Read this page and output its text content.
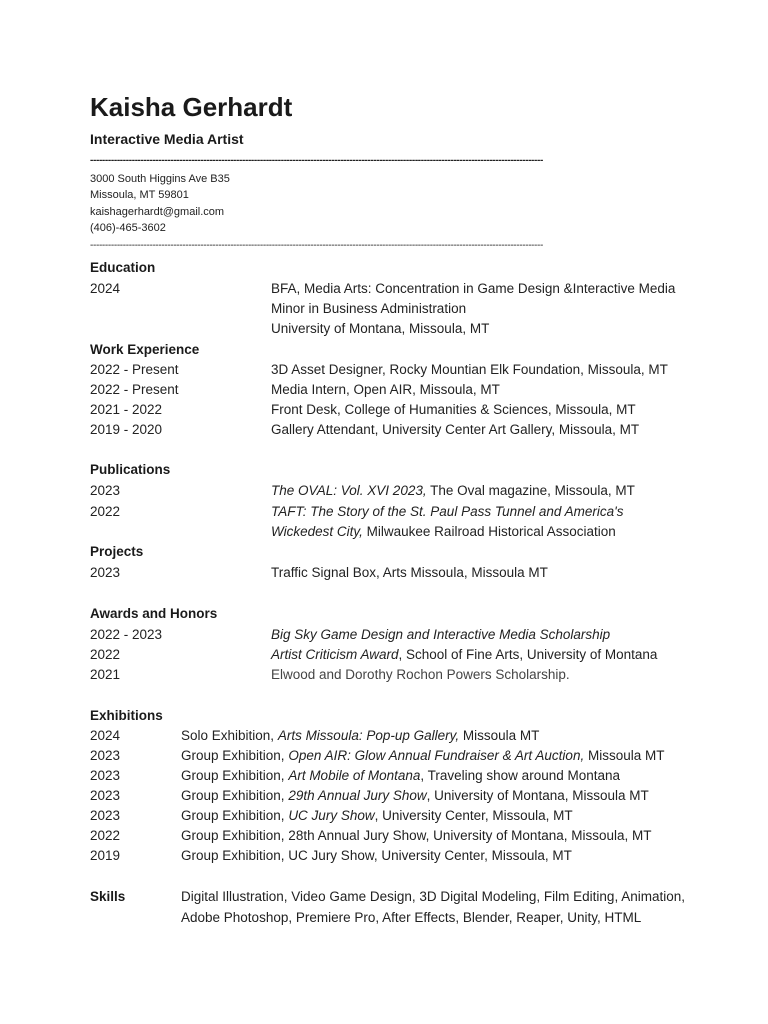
Kaisha Gerhardt
Interactive Media Artist
--------------------------------------------------------------------------------------------------------------------------------------------------------
3000 South Higgins Ave B35
Missoula, MT 59801
kaishagerhardt@gmail.com
(406)-465-3602
--------------------------------------------------------------------------------------------------------------------------------------------------------
Education
2024	BFA, Media Arts: Concentration in Game Design &Interactive Media
Minor in Business Administration
University of Montana, Missoula, MT
Work Experience
2022 - Present	3D Asset Designer, Rocky Mountian Elk Foundation, Missoula, MT
2022 - Present	Media Intern, Open AIR, Missoula, MT
2021 - 2022	Front Desk, College of Humanities & Sciences, Missoula, MT
2019 - 2020	Gallery Attendant, University Center Art Gallery, Missoula, MT
Publications
2023	The OVAL: Vol. XVI 2023, The Oval magazine, Missoula, MT
2022	TAFT: The Story of the St. Paul Pass Tunnel and America's
Wickedest City, Milwaukee Railroad Historical Association
Projects
2023	Traffic Signal Box, Arts Missoula, Missoula MT
Awards and Honors
2022 - 2023	Big Sky Game Design and Interactive Media Scholarship
2022	Artist Criticism Award, School of Fine Arts, University of Montana
2021	Elwood and Dorothy Rochon Powers Scholarship.
Exhibitions
2024	Solo Exhibition, Arts Missoula: Pop-up Gallery, Missoula MT
2023	Group Exhibition, Open AIR: Glow Annual Fundraiser & Art Auction, Missoula MT
2023	Group Exhibition, Art Mobile of Montana, Traveling show around Montana
2023	Group Exhibition, 29th Annual Jury Show, University of Montana, Missoula MT
2023	Group Exhibition, UC Jury Show, University Center, Missoula, MT
2022	Group Exhibition, 28th Annual Jury Show, University of Montana, Missoula, MT
2019	Group Exhibition, UC Jury Show, University Center, Missoula, MT
Skills	Digital Illustration, Video Game Design, 3D Digital Modeling, Film Editing, Animation,
Adobe Photoshop, Premiere Pro, After Effects, Blender, Reaper, Unity, HTML
